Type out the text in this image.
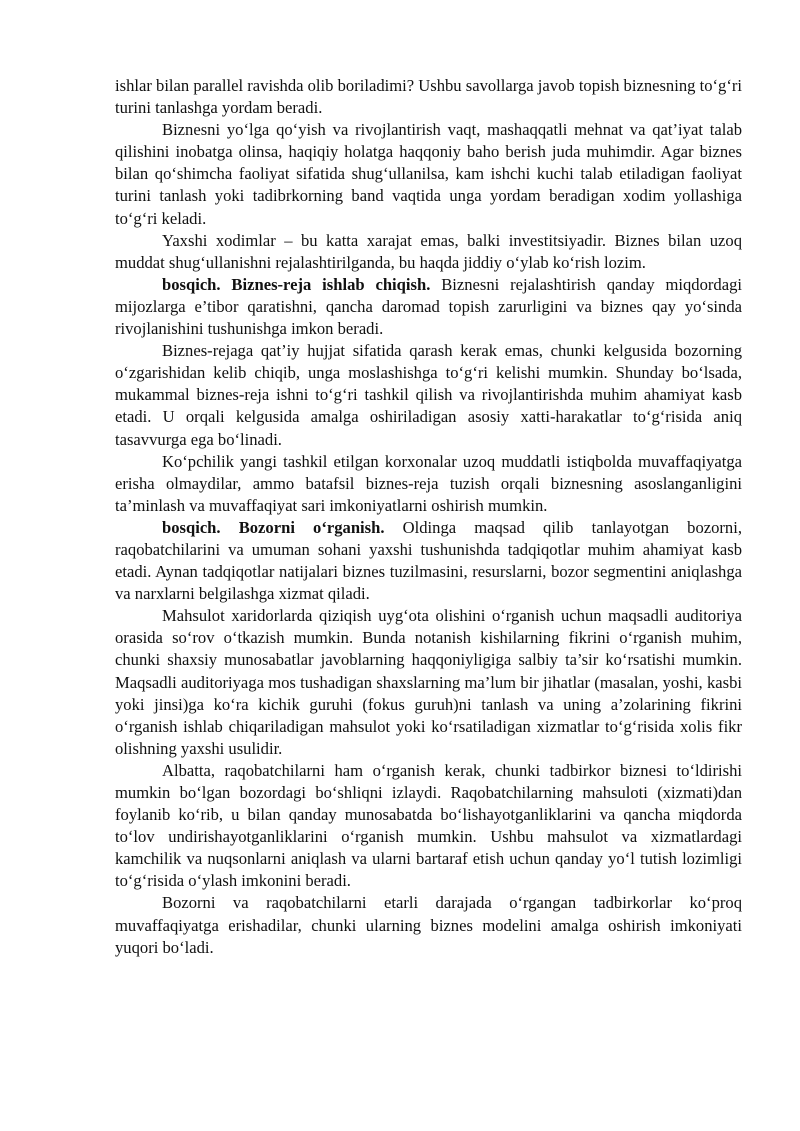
ishlar bilan parallel ravishda olib boriladimi? Ushbu savollarga javob topish biznesning to‘g‘ri turini tanlashga yordam beradi.

Biznesni yo‘lga qo‘yish va rivojlantirish vaqt, mashaqqatli mehnat va qat’iyat talab qilishini inobatga olinsa, haqiqiy holatga haqqoniy baho berish juda muhimdir. Agar biznes bilan qo‘shimcha faoliyat sifatida shug‘ullanilsa, kam ishchi kuchi talab etiladigan faoliyat turini tanlash yoki tadibrkorning band vaqtida unga yordam beradigan xodim yollashiga to‘g‘ri keladi.

Yaxshi xodimlar – bu katta xarajat emas, balki investitsiyadir. Biznes bilan uzoq muddat shug‘ullanishni rejalashtirilganda, bu haqda jiddiy o‘ylab ko‘rish lozim.

bosqich. Biznes-reja ishlab chiqish. Biznesni rejalashtirish qanday miqdordagi mijozlarga e’tibor qaratishni, qancha daromad topish zarurligini va biznes qay yo‘sinda rivojlanishini tushunishga imkon beradi.

Biznes-rejaga qat’iy hujjat sifatida qarash kerak emas, chunki kelgusida bozorning o‘zgarishidan kelib chiqib, unga moslashishga to‘g‘ri kelishi mumkin. Shunday bo‘lsada, mukammal biznes-reja ishni to‘g‘ri tashkil qilish va rivojlantirishda muhim ahamiyat kasb etadi. U orqali kelgusida amalga oshiriladigan asosiy xatti-harakatlar to‘g‘risida aniq tasavvurga ega bo‘linadi.

Ko‘pchilik yangi tashkil etilgan korxonalar uzoq muddatli istiqbolda muvaffaqiyatga erisha olmaydilar, ammo batafsil biznes-reja tuzish orqali biznesning asoslanganligini ta’minlash va muvaffaqiyat sari imkoniyatlarni oshirish mumkin.

bosqich. Bozorni o‘rganish. Oldinga maqsad qilib tanlayotgan bozorni, raqobatchilarini va umuman sohani yaxshi tushunishda tadqiqotlar muhim ahamiyat kasb etadi. Aynan tadqiqotlar natijalari biznes tuzilmasini, resurslarni, bozor segmentini aniqlashga va narxlarni belgilashga xizmat qiladi.

Mahsulot xaridorlarda qiziqish uyg‘ota olishini o‘rganish uchun maqsadli auditoriya orasida so‘rov o‘tkazish mumkin. Bunda notanish kishilarning fikrini o‘rganish muhim, chunki shaxsiy munosabatlar javoblarning haqqoniyligiga salbiy ta’sir ko‘rsatishi mumkin. Maqsadli auditoriyaga mos tushadigan shaxslarning ma’lum bir jihatlar (masalan, yoshi, kasbi yoki jinsi)ga ko‘ra kichik guruhi (fokus guruh)ni tanlash va uning a’zolarining fikrini o‘rganish ishlab chiqariladigan mahsulot yoki ko‘rsatiladigan xizmatlar to‘g‘risida xolis fikr olishning yaxshi usulidir.

Albatta, raqobatchilarni ham o‘rganish kerak, chunki tadbirkor biznesi to‘ldirishi mumkin bo‘lgan bozordagi bo‘shliqni izlaydi. Raqobatchilarning mahsuloti (xizmati)dan foylanib ko‘rib, u bilan qanday munosabatda bo‘lishayotganliklarini va qancha miqdorda to‘lov undirishayotganliklarini o‘rganish mumkin. Ushbu mahsulot va xizmatlardagi kamchilik va nuqsonlarni aniqlash va ularni bartaraf etish uchun qanday yo‘l tutish lozimligi to‘g‘risida o‘ylash imkonini beradi.

Bozorni va raqobatchilarni etarli darajada o‘rgangan tadbirkorlar ko‘proq muvaffaqiyatga erishadilar, chunki ularning biznes modelini amalga oshirish imkoniyati yuqori bo‘ladi.
